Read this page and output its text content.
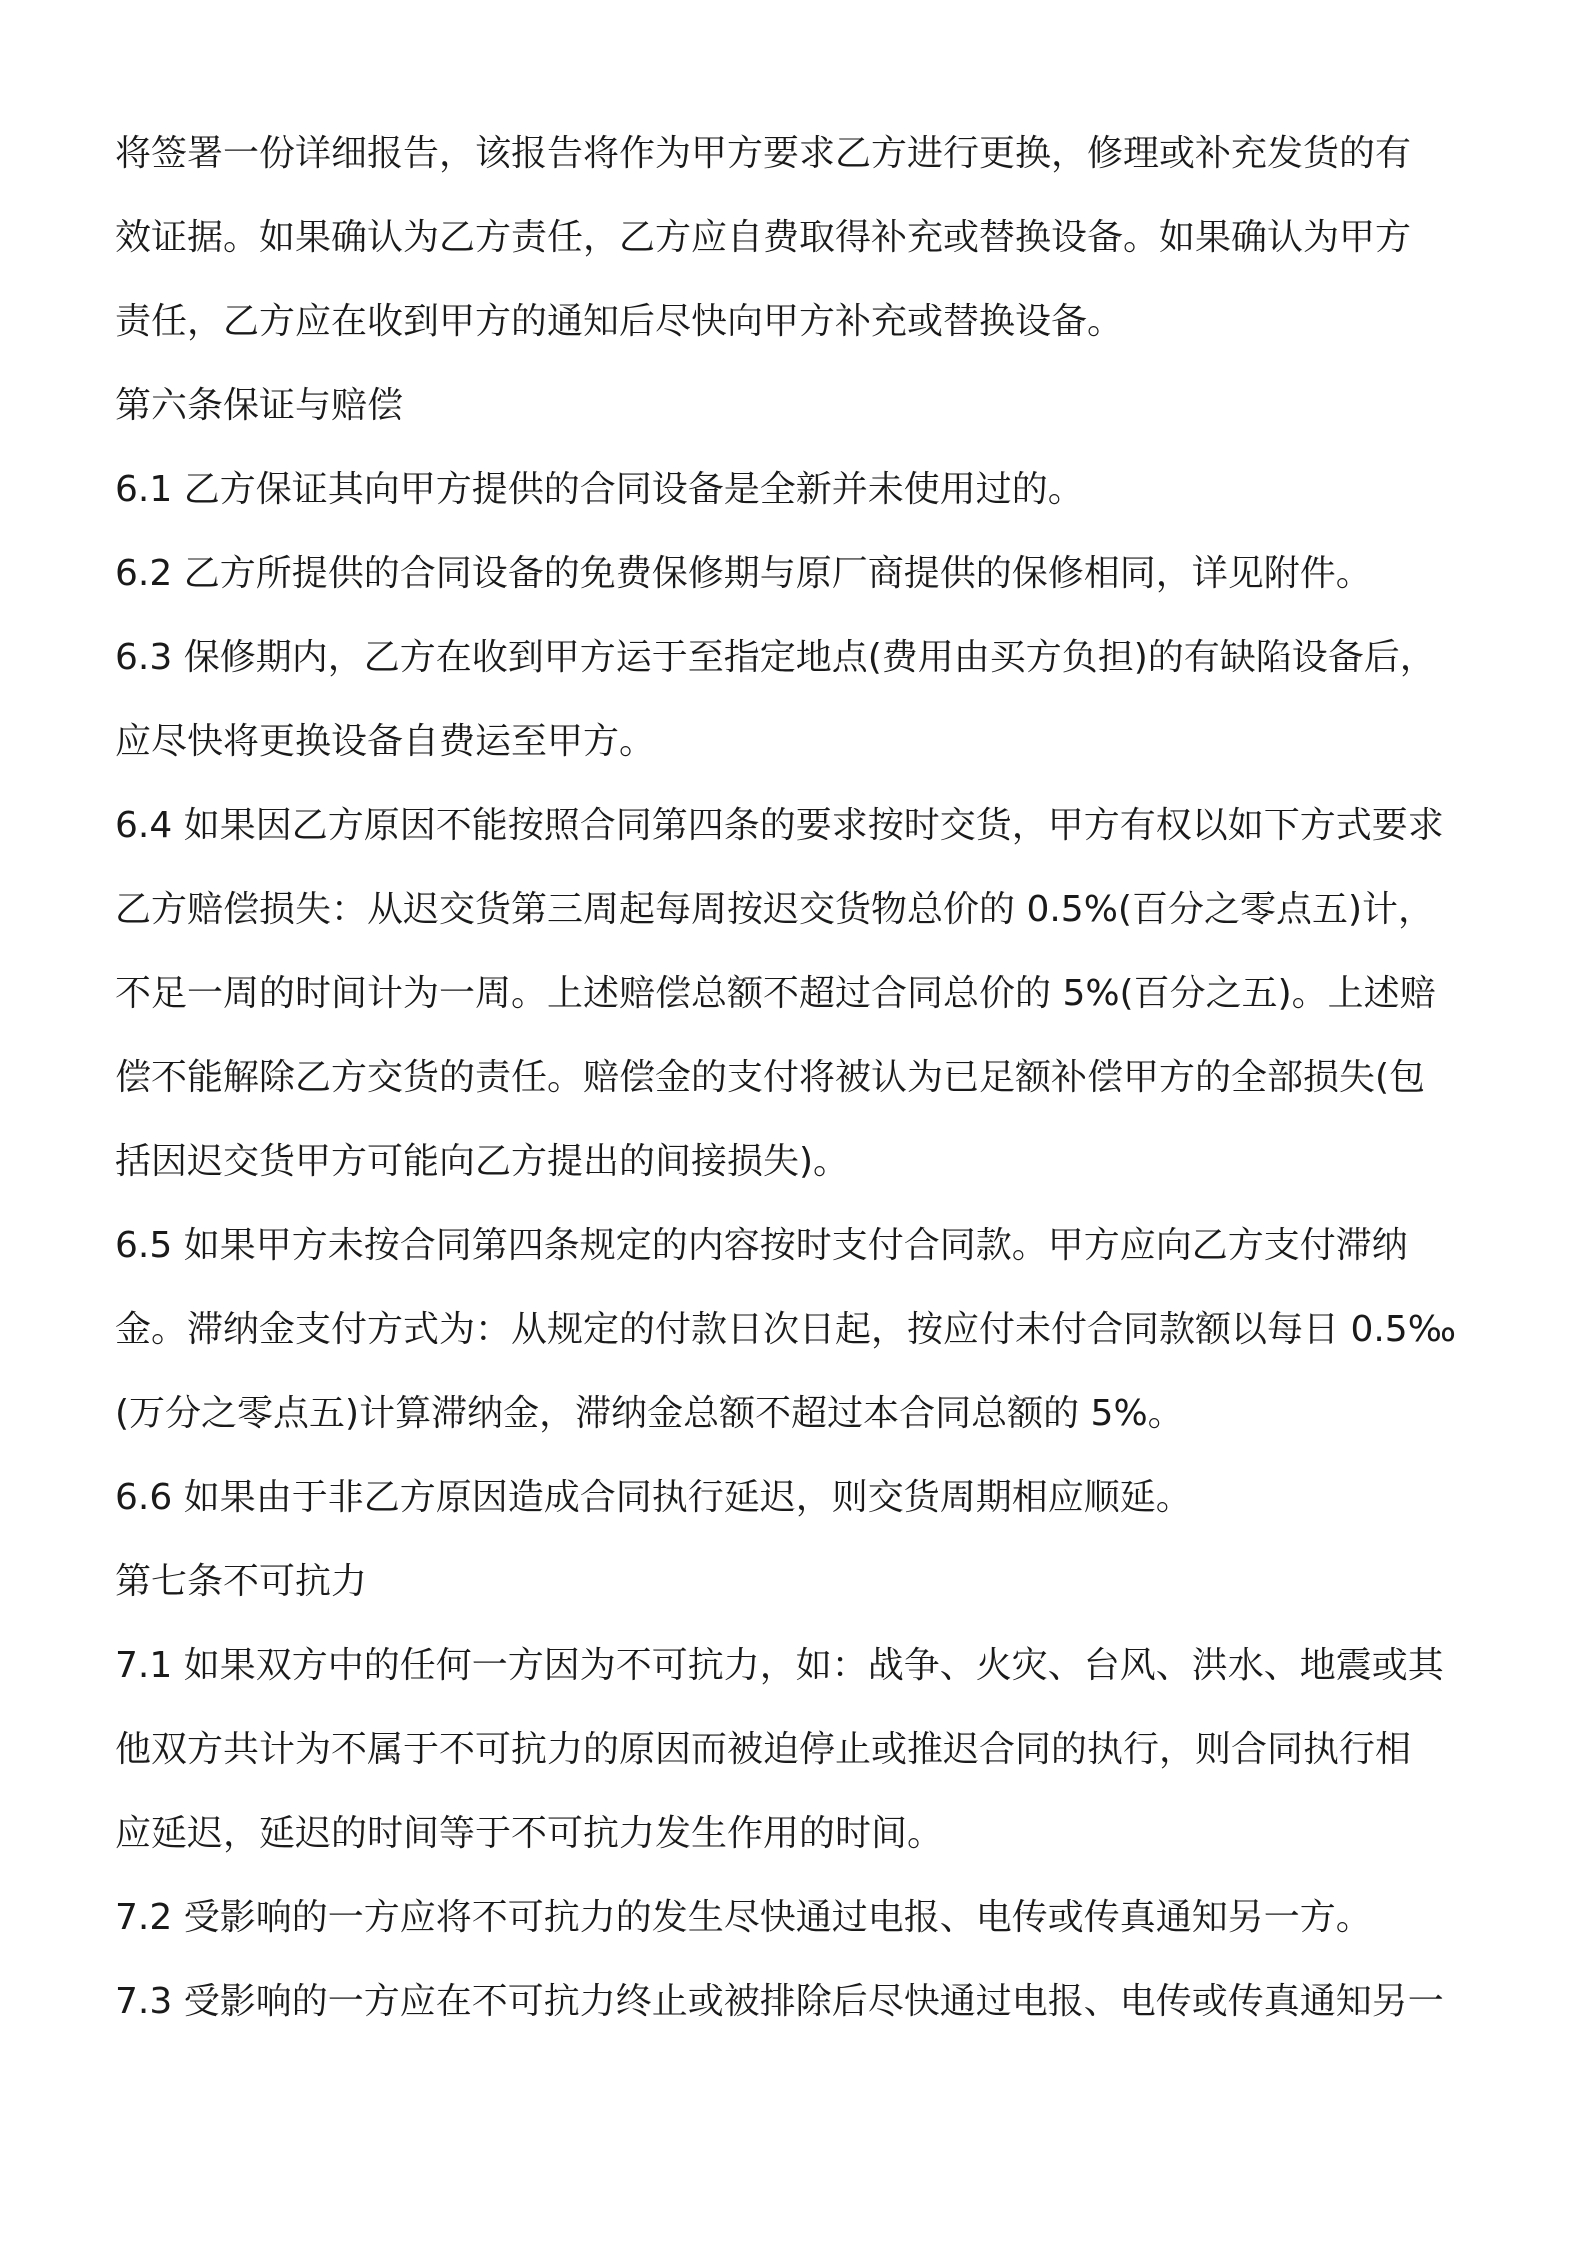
将签署一份详细报告，该报告将作为甲方要求乙方进行更换，修理或补充发货的有
效证据。如果确认为乙方责任，乙方应自费取得补充或替换设备。如果确认为甲方
责任，乙方应在收到甲方的通知后尽快向甲方补充或替换设备。
第六条保证与赔偿
6.1 乙方保证其向甲方提供的合同设备是全新并未使用过的。
6.2 乙方所提供的合同设备的免费保修期与原厂商提供的保修相同，详见附件。
6.3 保修期内，乙方在收到甲方运于至指定地点(费用由买方负担)的有缺陷设备后，
应尽快将更换设备自费运至甲方。
6.4 如果因乙方原因不能按照合同第四条的要求按时交货，甲方有权以如下方式要求
乙方赔偿损失：从迟交货第三周起每周按迟交货物总价的 0.5%(百分之零点五)计，
不足一周的时间计为一周。上述赔偿总额不超过合同总价的 5%(百分之五)。上述赔
偿不能解除乙方交货的责任。赔偿金的支付将被认为已足额补偿甲方的全部损失(包
括因迟交货甲方可能向乙方提出的间接损失)。
6.5 如果甲方未按合同第四条规定的内容按时支付合同款。甲方应向乙方支付滞纳
金。滞纳金支付方式为：从规定的付款日次日起，按应付未付合同款额以每日 0.5‰
(万分之零点五)计算滞纳金，滞纳金总额不超过本合同总额的 5%。
6.6 如果由于非乙方原因造成合同执行延迟，则交货周期相应顺延。
第七条不可抗力
7.1 如果双方中的任何一方因为不可抗力，如：战争、火灾、台风、洪水、地震或其
他双方共计为不属于不可抗力的原因而被迫停止或推迟合同的执行，则合同执行相
应延迟，延迟的时间等于不可抗力发生作用的时间。
7.2 受影响的一方应将不可抗力的发生尽快通过电报、电传或传真通知另一方。
7.3 受影响的一方应在不可抗力终止或被排除后尽快通过电报、电传或传真通知另一
